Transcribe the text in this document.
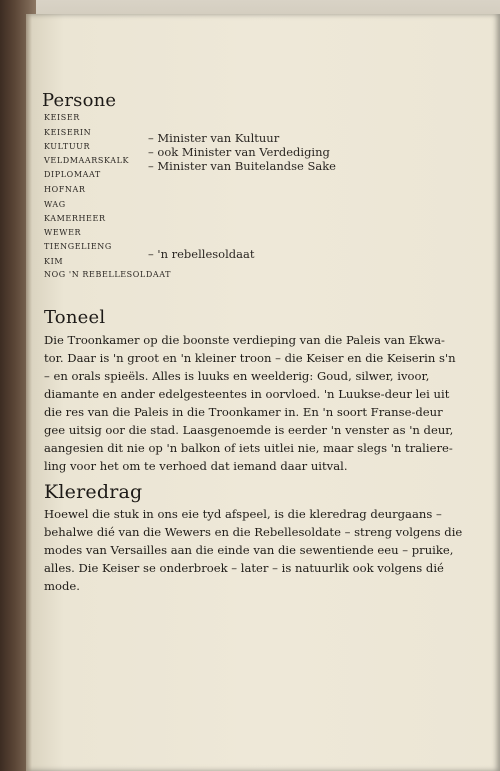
Persone
KEISER
KEISERIN
KULTUUR
VELDMAARSKALK
DIPLOMAAT
HOFNAR
WAG
KAMERHEER
WEWER
TIENGELIENG
KIM
NOG 'N REBELLESOLDAAT
– Minister van Kultuur
– ook Minister van Verdediging
– Minister van Buitelandse Sake
– 'n rebellesoldaat
Toneel

Die Troonkamer op die boonste verdieping van die Paleis van Ekwa-
tor. Daar is 'n groot en 'n kleiner troon – die Keiser en die Keiserin s'n
– en orals spieëls. Alles is luuks en weelderig: Goud, silwer, ivoor,
diamante en ander edelgesteentes in oorvloed. 'n Luukse-deur lei uit
die res van die Paleis in die Troonkamer in. En 'n soort Franse-deur
gee uitsig oor die stad. Laasgenoemde is eerder 'n venster as 'n deur,
aangesien dit nie op 'n balkon of iets uitlei nie, maar slegs 'n traliere-
ling voor het om te verhoed dat iemand daar uitval.

Kleredrag

Hoewel die stuk in ons eie tyd afspeel, is die kleredrag deurgaans –
behalwe dié van die Wewers en die Rebellesoldate – streng volgens die
modes van Versailles aan die einde van die sewentiende eeu – pruike,
alles. Die Keiser se onderbroek – later – is natuurlik ook volgens dié
mode.
